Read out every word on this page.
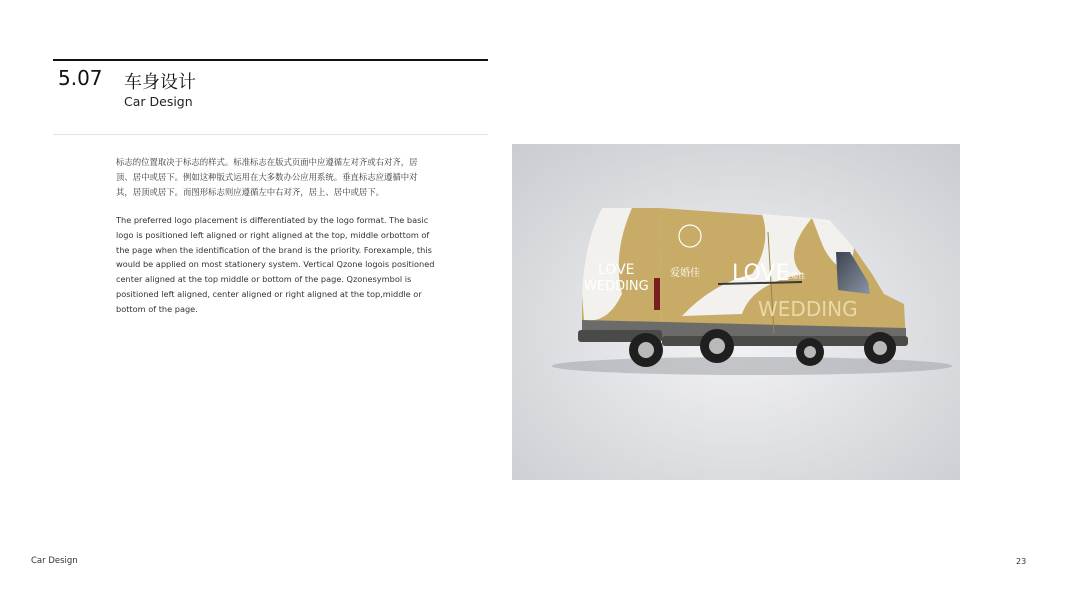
5.07 车身设计
Car Design

标志的位置取决于标志的样式。标准标志在版式页面中应遵循左对齐或右对齐，居顶、居中或居下。例如这种版式运用在大多数办公应用系统。垂直标志应遵循中对其，居顶或居下。而图形标志则应遵循左中右对齐，居上、居中或居下。

The preferred logo placement is differentiated by the logo format. The basic logo is positioned left aligned or right aligned at the top, middle orbottom of the page when the identification of the brand is the priority. Forexample, this would be applied on most stationery system. Vertical Qzone logois positioned center aligned at the top middle or bottom of the page. Qzonesymbol is positioned left aligned, center aligned or right aligned at the top,middle or bottom of the page.

LOVE
WEDDING
爱婚佳 LOVE
爱婚佳
WEDDING
Car Design	23
